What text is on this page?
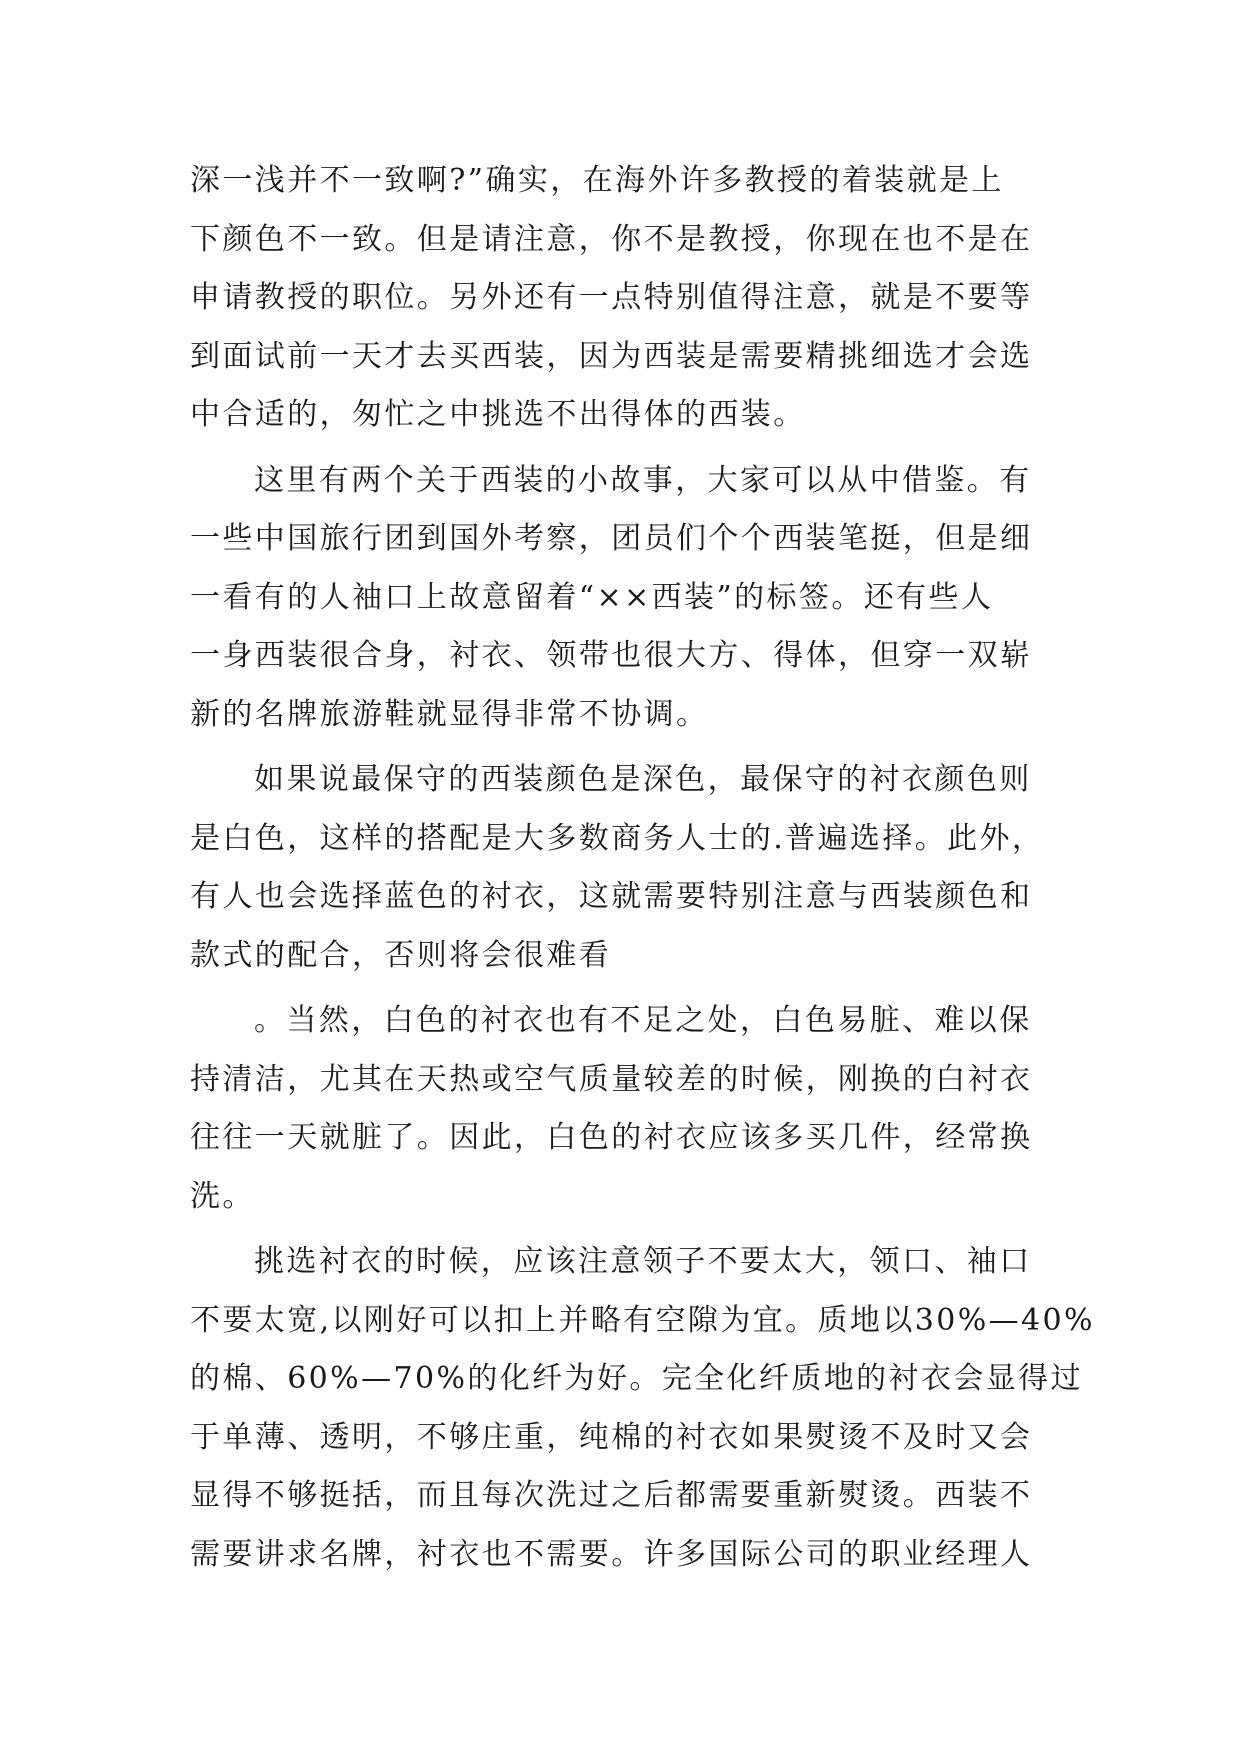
深一浅并不一致啊?”确实，在海外许多教授的着装就是上
下颜色不一致。但是请注意，你不是教授，你现在也不是在
申请教授的职位。另外还有一点特别值得注意，就是不要等
到面试前一天才去买西装，因为西装是需要精挑细选才会选
中合适的，匆忙之中挑选不出得体的西装。
这里有两个关于西装的小故事，大家可以从中借鉴。有
一些中国旅行团到国外考察，团员们个个西装笔挺，但是细
一看有的人袖口上故意留着“××西装”的标签。还有些人
一身西装很合身，衬衣、领带也很大方、得体，但穿一双崭
新的名牌旅游鞋就显得非常不协调。
如果说最保守的西装颜色是深色，最保守的衬衣颜色则
是白色，这样的搭配是大多数商务人士的.普遍选择。此外，
有人也会选择蓝色的衬衣，这就需要特别注意与西装颜色和
款式的配合，否则将会很难看
。当然，白色的衬衣也有不足之处，白色易脏、难以保
持清洁，尤其在天热或空气质量较差的时候，刚换的白衬衣
往往一天就脏了。因此，白色的衬衣应该多买几件，经常换
洗。
挑选衬衣的时候，应该注意领子不要太大，领口、袖口
不要太宽,以刚好可以扣上并略有空隙为宜。质地以30%—40%
的棉、60%—70%的化纤为好。完全化纤质地的衬衣会显得过
于单薄、透明，不够庄重，纯棉的衬衣如果熨烫不及时又会
显得不够挺括，而且每次洗过之后都需要重新熨烫。西装不
需要讲求名牌，衬衣也不需要。许多国际公司的职业经理人
